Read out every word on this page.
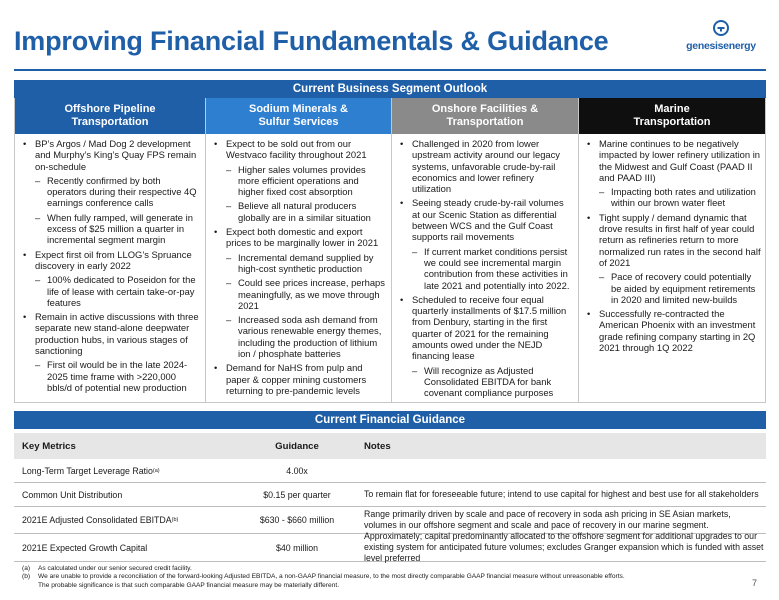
Improving Financial Fundamentals & Guidance	genesisenergy
Current Business Segment Outlook
Offshore Pipeline
Transportation
• BP’s Argos / Mad Dog 2 development and Murphy’s King’s Quay FPS remain on-schedule
– Recently confirmed by both operators during their respective 4Q earnings conference calls
– When fully ramped, will generate in excess of $25 million a quarter in incremental segment margin
• Expect first oil from LLOG’s Spruance discovery in early 2022
– 100% dedicated to Poseidon for the life of lease with certain take-or-pay features
• Remain in active discussions with three separate new stand-alone deepwater production hubs, in various stages of sanctioning
– First oil would be in the late 2024-2025 time frame with >220,000 bbls/d of potential new production
Sodium Minerals &
Sulfur Services
• Expect to be sold out from our Westvaco facility throughout 2021
– Higher sales volumes provides more efficient operations and higher fixed cost absorption
– Believe all natural producers globally are in a similar situation
• Expect both domestic and export prices to be marginally lower in 2021
– Incremental demand supplied by high-cost synthetic production
– Could see prices increase, perhaps meaningfully, as we move through 2021
– Increased soda ash demand from various renewable energy themes, including the production of lithium ion / phosphate batteries
• Demand for NaHS from pulp and paper & copper mining customers returning to pre-pandemic levels
Onshore Facilities &
Transportation
• Challenged in 2020 from lower upstream activity around our legacy systems, unfavorable crude-by-rail economics and lower refinery utilization
• Seeing steady crude-by-rail volumes at our Scenic Station as differential between WCS and the Gulf Coast supports rail movements
– If current market conditions persist we could see incremental margin contribution from these activities in late 2021 and potentially into 2022.
• Scheduled to receive four equal quarterly installments of $17.5 million from Denbury, starting in the first quarter of 2021 for the remaining amounts owed under the NEJD financing lease
– Will recognize as Adjusted Consolidated EBITDA for bank covenant compliance purposes
Marine
Transportation
• Marine continues to be negatively impacted by lower refinery utilization in the Midwest and Gulf Coast (PAAD II and PAAD III)
– Impacting both rates and utilization within our brown water fleet
• Tight supply / demand dynamic that drove results in first half of year could return as refineries return to more normalized run rates in the second half of 2021
– Pace of recovery could potentially be aided by equipment retirements in 2020 and limited new-builds
• Successfully re-contracted the American Phoenix with an investment grade refining company starting in 2Q 2021 through 1Q 2022
Current Financial Guidance
Key Metrics	Guidance	Notes
Long-Term Target Leverage Ratio (a)	4.00x
Common Unit Distribution	$0.15 per quarter	To remain flat for foreseeable future; intend to use capital for highest and best use for all stakeholders
2021E Adjusted Consolidated EBITDA (b)	$630 - $660 million
Range primarily driven by scale and pace of recovery in soda ash pricing in SE Asian markets, volumes in our offshore segment and scale and pace of recovery in our marine segment.
2021E Expected Growth Capital	$40 million
Approximately; capital predominantly allocated to the offshore segment for additional upgrades to our existing system for anticipated future volumes; excludes Granger expansion which is funded with asset level preferred
(a) As calculated under our senior secured credit facility.
(b) We are unable to provide a reconciliation of the forward-looking Adjusted EBITDA, a non-GAAP financial measure, to the most directly comparable GAAP financial measure without unreasonable efforts.
The probable significance is that such comparable GAAP financial measure may be materially different.	7
